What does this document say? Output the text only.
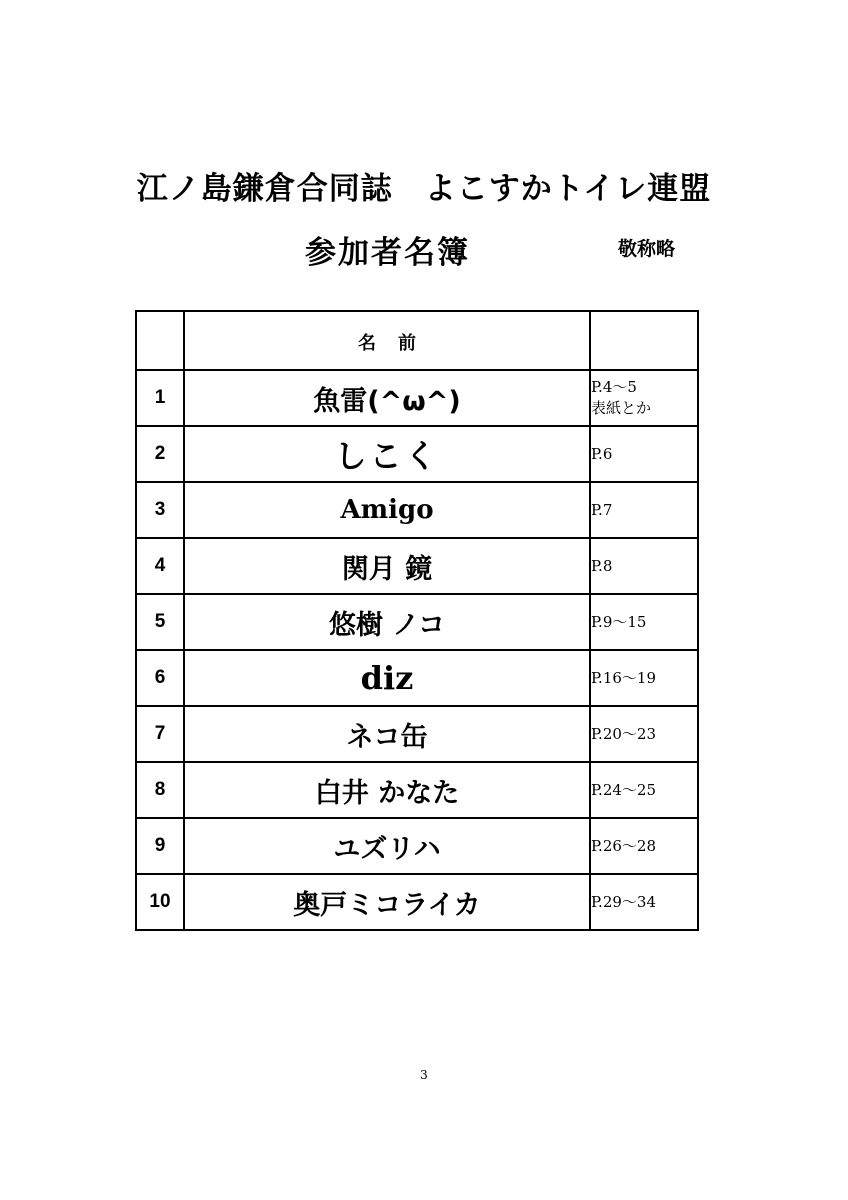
江ノ島鎌倉合同誌　よこすかトイレ連盟
参加者名簿	敬称略
	名前	
1	魚雷(^ω^)	P.4～5
表紙とか

2	しこく	P.6
3	Amigo	P.7
4	関月 鏡	P.8
5	悠樹 ノコ	P.9～15
6	diz	P.16～19
7	ネコ缶	P.20～23
8	白井 かなた	P.24～25
9	ユズリハ	P.26～28
10	奥戸ミコライカ	P.29～34
3
